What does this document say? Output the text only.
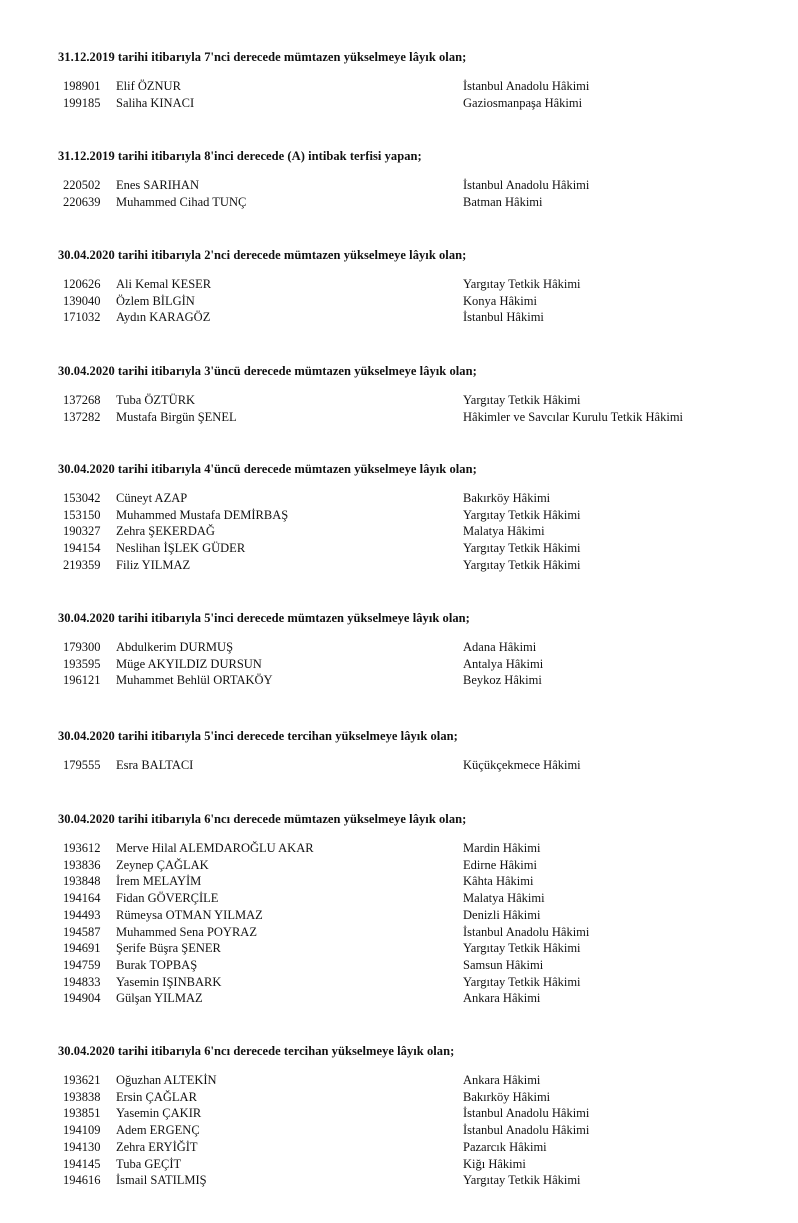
31.12.2019 tarihi itibarıyla 7'nci derecede mümtazen yükselmeye lâyık olan;
198901 Elif ÖZNUR	İstanbul Anadolu Hâkimi
199185 Saliha KINACI	Gaziosmanpaşa Hâkimi
31.12.2019 tarihi itibarıyla 8'inci derecede (A) intibak terfisi yapan;
220502 Enes SARIHAN	İstanbul Anadolu Hâkimi
220639 Muhammed Cihad TUNÇ	Batman Hâkimi
30.04.2020 tarihi itibarıyla 2'nci derecede mümtazen yükselmeye lâyık olan;
120626 Ali Kemal KESER	Yargıtay Tetkik Hâkimi
139040 Özlem BİLGİN	Konya Hâkimi
171032 Aydın KARAGÖZ	İstanbul Hâkimi
30.04.2020 tarihi itibarıyla 3'üncü derecede mümtazen yükselmeye lâyık olan;
137268 Tuba ÖZTÜRK	Yargıtay Tetkik Hâkimi
137282 Mustafa Birgün ŞENEL	Hâkimler ve Savcılar Kurulu Tetkik Hâkimi
30.04.2020 tarihi itibarıyla 4'üncü derecede mümtazen yükselmeye lâyık olan;
153042 Cüneyt AZAP	Bakırköy Hâkimi
153150 Muhammed Mustafa DEMİRBAŞ	Yargıtay Tetkik Hâkimi
190327 Zehra ŞEKERDAĞ	Malatya Hâkimi
194154 Neslihan İŞLEK GÜDER	Yargıtay Tetkik Hâkimi
219359 Filiz YILMAZ	Yargıtay Tetkik Hâkimi
30.04.2020 tarihi itibarıyla 5'inci derecede mümtazen yükselmeye lâyık olan;
179300 Abdulkerim DURMUŞ	Adana Hâkimi
193595 Müge AKYILDIZ DURSUN	Antalya Hâkimi
196121 Muhammet Behlül ORTAKÖY	Beykoz Hâkimi
30.04.2020 tarihi itibarıyla 5'inci derecede tercihan yükselmeye lâyık olan;
179555 Esra BALTACI	Küçükçekmece Hâkimi
30.04.2020 tarihi itibarıyla 6'ncı derecede mümtazen yükselmeye lâyık olan;
193612 Merve Hilal ALEMDAROĞLU AKAR	Mardin Hâkimi
193836 Zeynep ÇAĞLAK	Edirne Hâkimi
193848 İrem MELAYİM	Kâhta Hâkimi
194164 Fidan GÖVERÇİLE	Malatya Hâkimi
194493 Rümeysa OTMAN YILMAZ	Denizli Hâkimi
194587 Muhammed Sena POYRAZ	İstanbul Anadolu Hâkimi
194691 Şerife Büşra ŞENER	Yargıtay Tetkik Hâkimi
194759 Burak TOPBAŞ	Samsun Hâkimi
194833 Yasemin IŞINBARK	Yargıtay Tetkik Hâkimi
194904 Gülşan YILMAZ	Ankara Hâkimi
30.04.2020 tarihi itibarıyla 6'ncı derecede tercihan yükselmeye lâyık olan;
193621 Oğuzhan ALTEKİN	Ankara Hâkimi
193838 Ersin ÇAĞLAR	Bakırköy Hâkimi
193851 Yasemin ÇAKIR	İstanbul Anadolu Hâkimi
194109 Adem ERGENÇ	İstanbul Anadolu Hâkimi
194130 Zehra ERYİĞİT	Pazarcık Hâkimi
194145 Tuba GEÇİT	Kiğı Hâkimi
194616 İsmail SATILMIŞ	Yargıtay Tetkik Hâkimi
